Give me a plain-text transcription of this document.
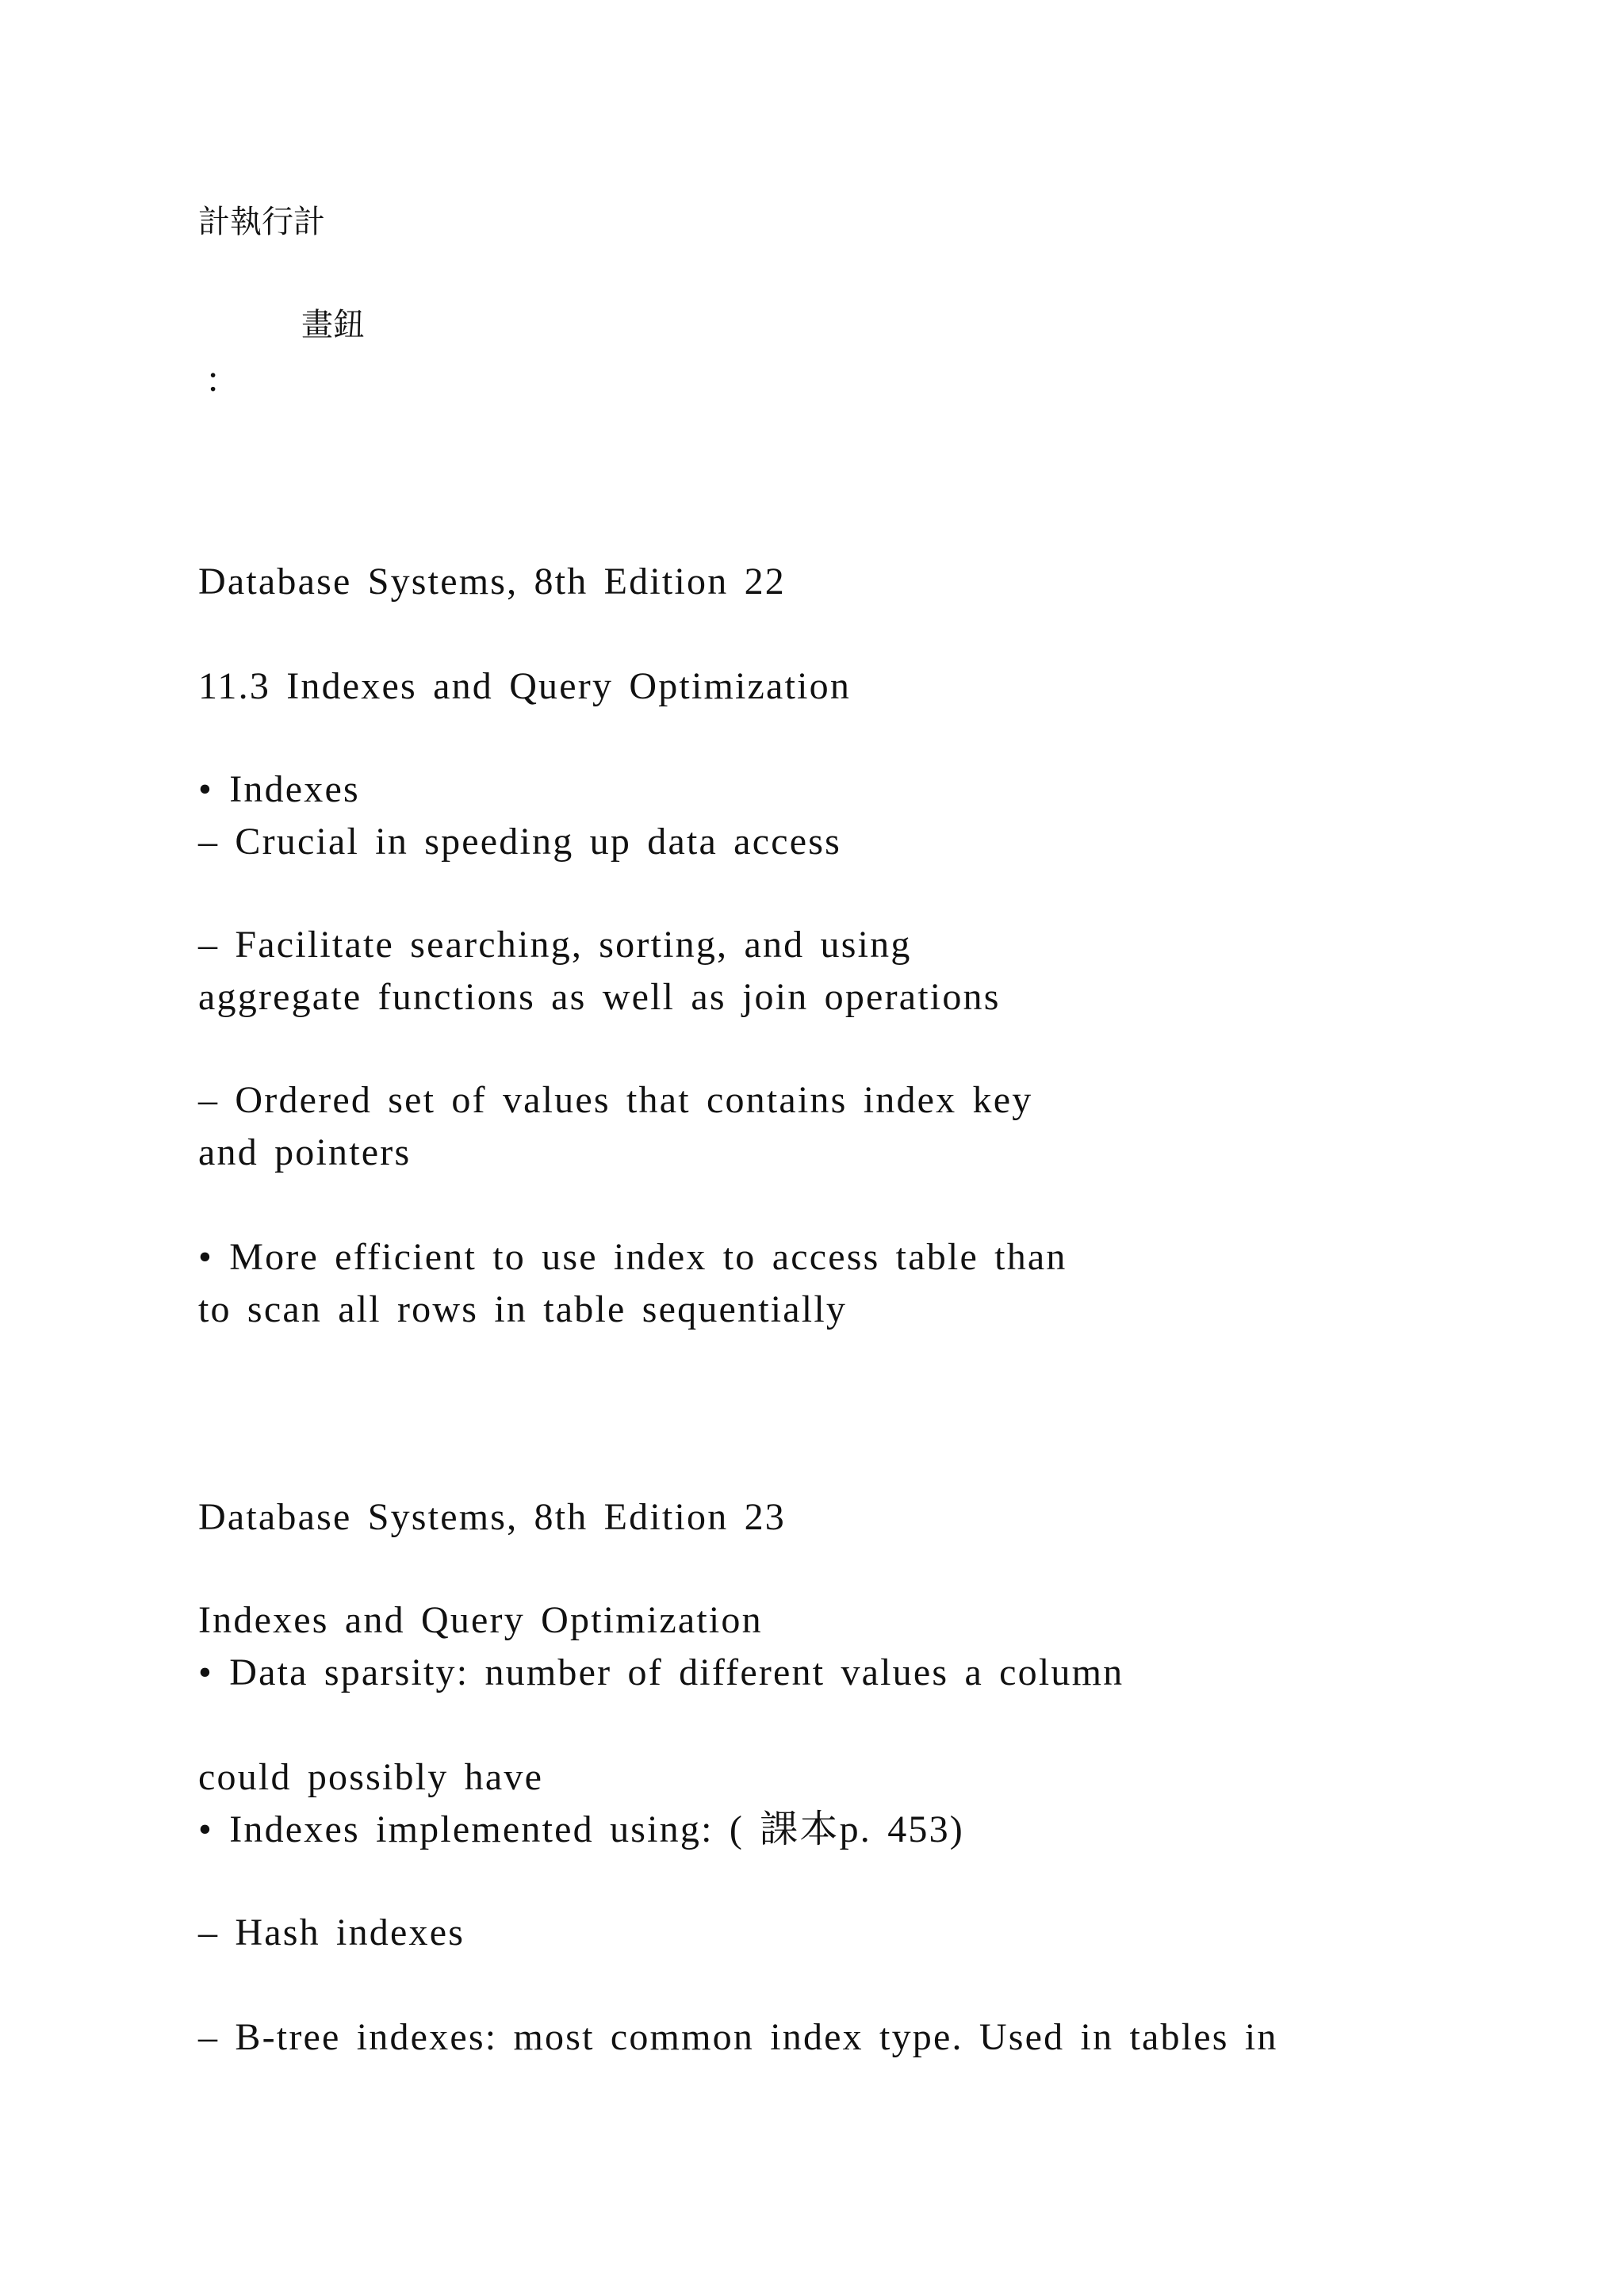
計執行計
畫鈕
:
Database Systems, 8th Edition 22
11.3 Indexes and Query Optimization
• Indexes
– Crucial in speeding up data access
– Facilitate searching, sorting, and using
aggregate functions as well as join operations
– Ordered set of values that contains index key
and pointers
• More efficient to use index to access table than
to scan all rows in table sequentially
Database Systems, 8th Edition 23
Indexes and Query Optimization
• Data sparsity: number of different values a column
could possibly have
• Indexes implemented using: ( 課本p. 453)
– Hash indexes
– B-tree indexes: most common index type. Used in tables in
